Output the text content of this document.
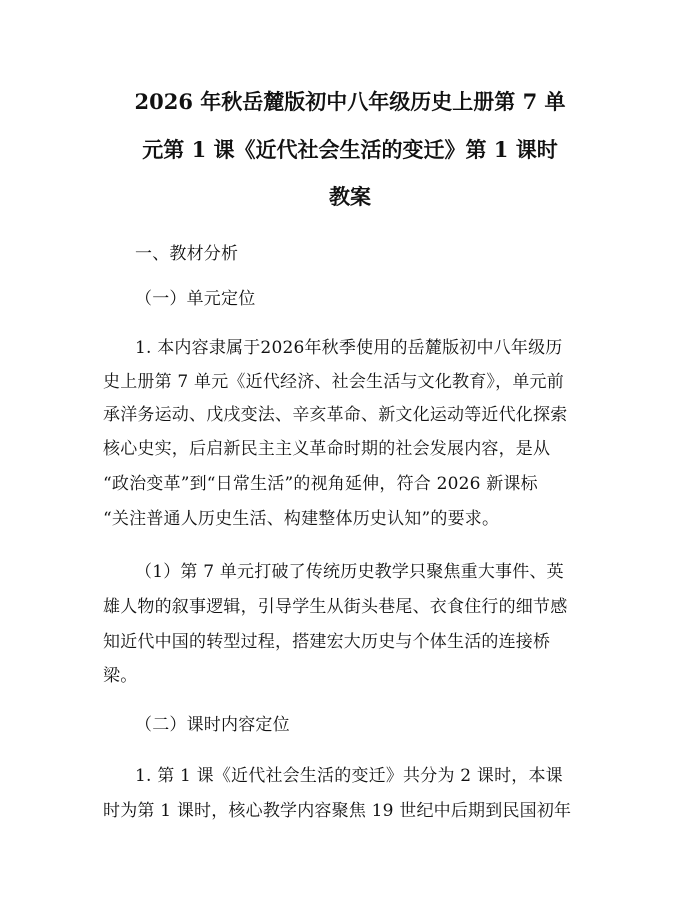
2026 年秋岳麓版初中八年级历史上册第 7 单
元第 1 课《近代社会生活的变迁》第 1 课时
教案
一、教材分析
（一）单元定位
1. 本内容隶属于2026年秋季使用的岳麓版初中八年级历
史上册第 7 单元《近代经济、社会生活与文化教育》，单元前
承洋务运动、戊戌变法、辛亥革命、新文化运动等近代化探索
核心史实，后启新民主主义革命时期的社会发展内容，是从
“政治变革”到“日常生活”的视角延伸，符合 2026 新课标
“关注普通人历史生活、构建整体历史认知”的要求。
（1）第 7 单元打破了传统历史教学只聚焦重大事件、英
雄人物的叙事逻辑，引导学生从街头巷尾、衣食住行的细节感
知近代中国的转型过程，搭建宏大历史与个体生活的连接桥
梁。
（二）课时内容定位
1. 第 1 课《近代社会生活的变迁》共分为 2 课时，本课
时为第 1 课时，核心教学内容聚焦 19 世纪中后期到民国初年
